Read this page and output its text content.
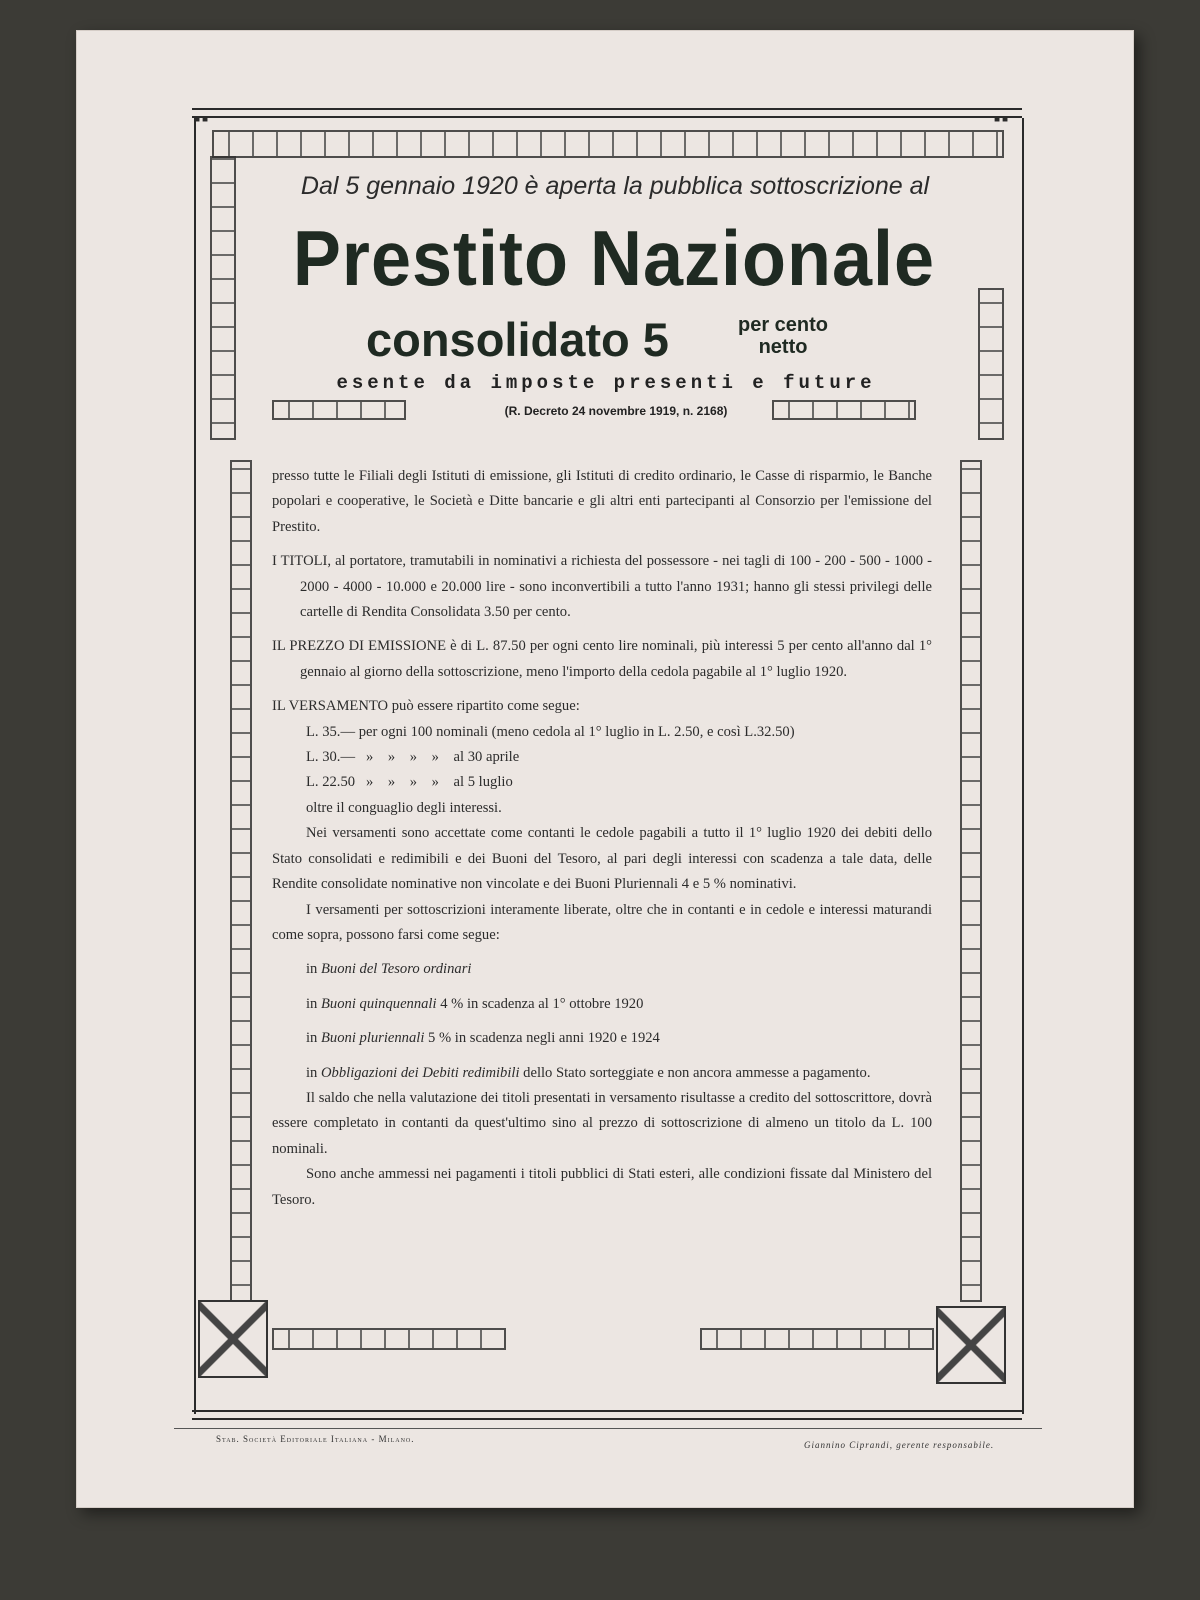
■■	■■
Dal 5 gennaio 1920 è aperta la pubblica sottoscrizione al
Prestito Nazionale
consolidato 5	per cento
netto
esente da imposte presenti e future
(R. Decreto 24 novembre 1919, n. 2168)

presso tutte le Filiali degli Istituti di emissione, gli Istituti di credito ordinario, le Casse di risparmio, le Banche popolari e cooperative, le Società e Ditte bancarie e gli altri enti partecipanti al Consorzio per l'emissione del Prestito.

I TITOLI, al portatore, tramutabili in nominativi a richiesta del possessore - nei tagli di 100 - 200 - 500 - 1000 - 2000 - 4000 - 10.000 e 20.000 lire - sono inconvertibili a tutto l'anno 1931; hanno gli stessi privilegi delle cartelle di Rendita Consolidata 3.50 per cento.

IL PREZZO DI EMISSIONE è di L. 87.50 per ogni cento lire nominali, più interessi 5 per cento all'anno dal 1° gennaio al giorno della sottoscrizione, meno l'importo della cedola pagabile al 1° luglio 1920.

IL VERSAMENTO può essere ripartito come segue:

L. 35.— per ogni 100 nominali (meno cedola al 1° luglio in L. 2.50, e così L.32.50)

L. 30.—   »    »    »    »    al 30 aprile

L. 22.50   »    »    »    »    al 5 luglio

oltre il conguaglio degli interessi.

Nei versamenti sono accettate come contanti le cedole pagabili a tutto il 1° luglio 1920 dei debiti dello Stato consolidati e redimibili e dei Buoni del Tesoro, al pari degli interessi con scadenza a tale data, delle Rendite consolidate nominative non vincolate e dei Buoni Pluriennali 4 e 5 % nominativi.

I versamenti per sottoscrizioni interamente liberate, oltre che in contanti e in cedole e interessi maturandi come sopra, possono farsi come segue:

in Buoni del Tesoro ordinari

in Buoni quinquennali 4 % in scadenza al 1° ottobre 1920

in Buoni pluriennali 5 % in scadenza negli anni 1920 e 1924

in Obbligazioni dei Debiti redimibili dello Stato sorteggiate e non ancora ammesse a pagamento.

Il saldo che nella valutazione dei titoli presentati in versamento risultasse a credito del sottoscrittore, dovrà essere completato in contanti da quest'ultimo sino al prezzo di sottoscrizione di almeno un titolo da L. 100 nominali.

Sono anche ammessi nei pagamenti i titoli pubblici di Stati esteri, alle condizioni fissate dal Ministero del Tesoro.

Stab. Società Editoriale Italiana - Milano.
Giannino Ciprandi, gerente responsabile.
